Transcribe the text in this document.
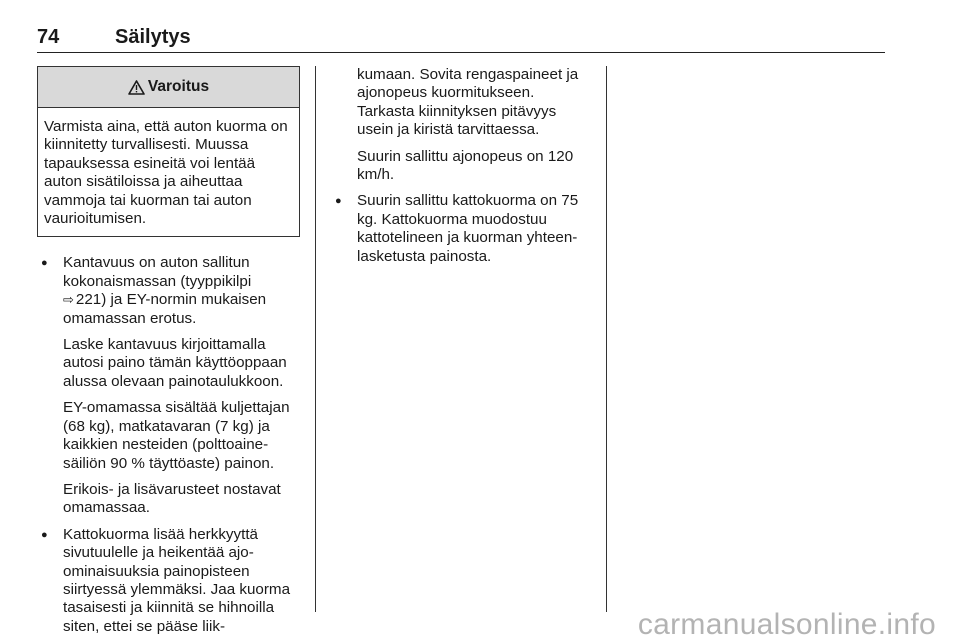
74	Säilytys
Varoitus
Varmista aina, että auton kuorma on kiinnitetty turvallisesti. Muussa tapauksessa esineitä voi lentää auton sisätiloissa ja aiheuttaa vammoja tai kuorman tai auton vaurioitumisen.

● Kantavuus on auton sallitun kokonaismassan (tyyppikilpi
⇨ 221) ja EY-normin mukaisen omamassan erotus.

Laske kantavuus kirjoittamalla autosi paino tämän käyttöoppaan alussa olevaan painotaulukkoon.

EY-omamassa sisältää kuljettajan (68 kg), matkatavaran (7 kg) ja kaikkien nesteiden (polttoainesäiliön 90 % täyttöaste) painon.

Erikois- ja lisävarusteet nostavat omamassaa.

● Kattokuorma lisää herkkyyttä sivutuulelle ja heikentää ajo-ominaisuuksia painopisteen siirtyessä ylemmäksi. Jaa kuorma tasaisesti ja kiinnitä se hihnoilla siten, ettei se pääse liik-

kumaan. Sovita rengaspaineet ja ajonopeus kuormitukseen.
Tarkasta kiinnityksen pitävyys usein ja kiristä tarvittaessa.
Suurin sallittu ajonopeus on 120 km/h.

● Suurin sallittu kattokuorma on 75 kg. Kattokuorma muodostuu kattotelineen ja kuorman yhteenlasketusta painosta.

carmanualsonline.info
